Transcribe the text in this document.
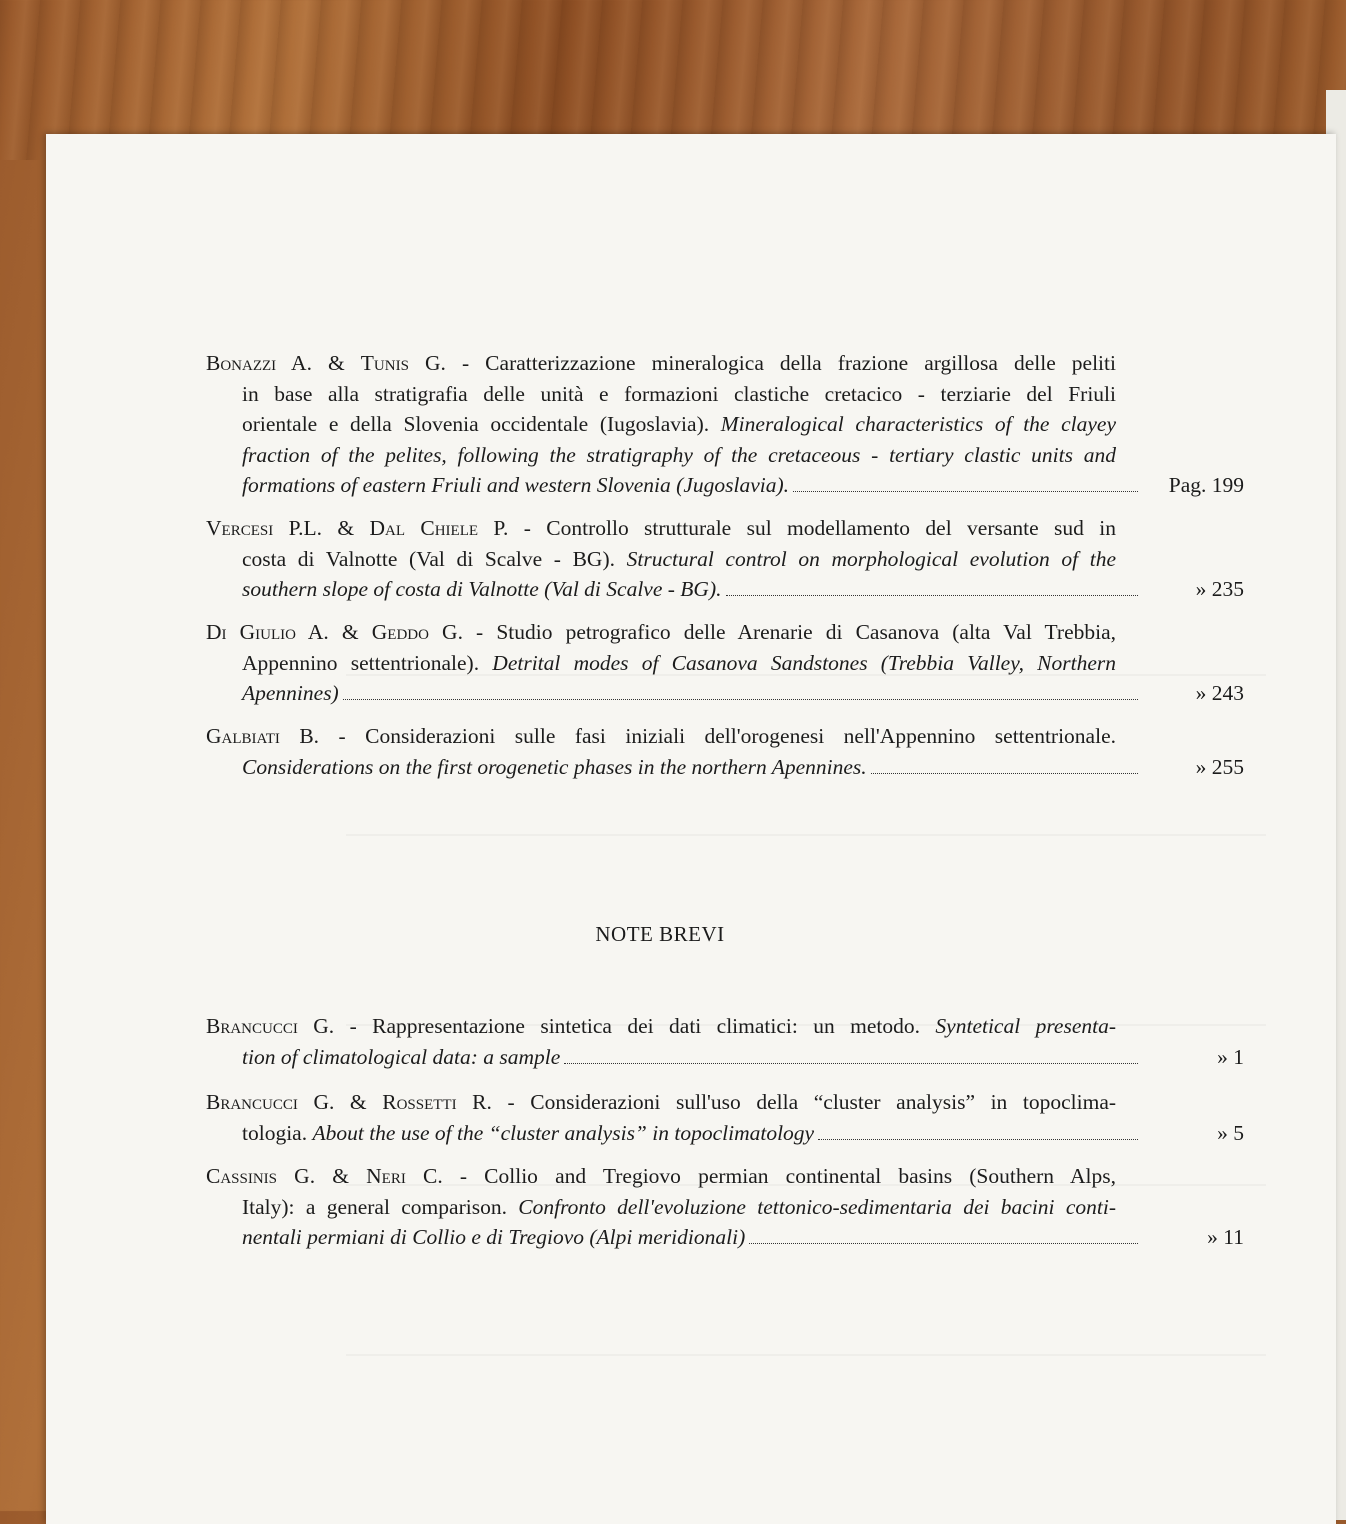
Bonazzi A. & Tunis G. - Caratterizzazione mineralogica della frazione argillosa delle peliti
in base alla stratigrafia delle unità e formazioni clastiche cretacico - terziarie del Friuli
orientale e della Slovenia occidentale (Iugoslavia). Mineralogical characteristics of the clayey
fraction of the pelites, following the stratigraphy of the cretaceous - tertiary clastic units and
formations of eastern Friuli and western Slovenia (Jugoslavia).	Pag. 199
Vercesi P.L. & Dal Chiele P. - Controllo strutturale sul modellamento del versante sud in
costa di Valnotte (Val di Scalve - BG). Structural control on morphological evolution of the
southern slope of costa di Valnotte (Val di Scalve - BG).	» 235
Di Giulio A. & Geddo G. - Studio petrografico delle Arenarie di Casanova (alta Val Trebbia,
Appennino settentrionale). Detrital modes of Casanova Sandstones (Trebbia Valley, Northern
Apennines)	» 243
Galbiati B. - Considerazioni sulle fasi iniziali dell'orogenesi nell'Appennino settentrionale.
Considerations on the first orogenetic phases in the northern Apennines.	» 255
NOTE BREVI
Brancucci G. - Rappresentazione sintetica dei dati climatici: un metodo. Syntetical presenta-
tion of climatological data: a sample	» 1
Brancucci G. & Rossetti R. - Considerazioni sull'uso della “cluster analysis” in topoclima-
tologia. About the use of the “cluster analysis” in topoclimatology	» 5
Cassinis G. & Neri C. - Collio and Tregiovo permian continental basins (Southern Alps,
Italy): a general comparison. Confronto dell'evoluzione tettonico-sedimentaria dei bacini conti-
nentali permiani di Collio e di Tregiovo (Alpi meridionali)	» 11
